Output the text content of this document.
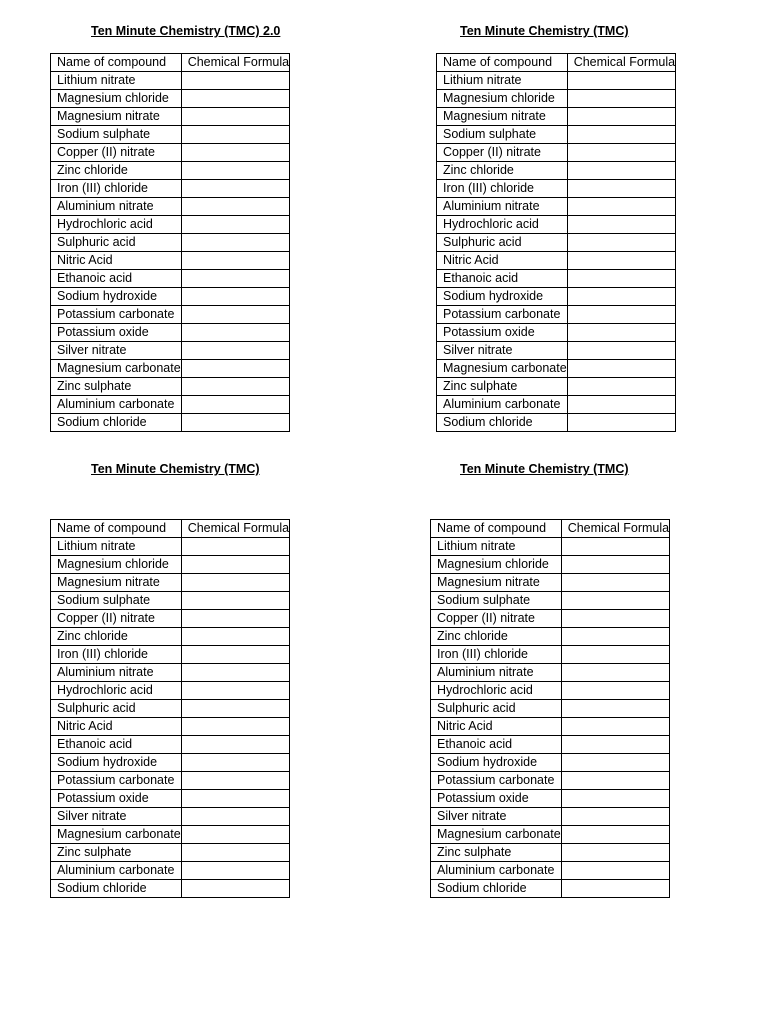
Ten Minute Chemistry (TMC) 2.0
Name of compound	Chemical Formula
Lithium nitrate	
Magnesium chloride	
Magnesium nitrate	
Sodium sulphate	
Copper (II) nitrate	
Zinc chloride	
Iron (III) chloride	
Aluminium nitrate	
Hydrochloric acid	
Sulphuric acid	
Nitric Acid	
Ethanoic acid	
Sodium hydroxide	
Potassium carbonate	
Potassium oxide	
Silver nitrate	
Magnesium carbonate	
Zinc sulphate	
Aluminium carbonate	
Sodium chloride	
Ten Minute Chemistry (TMC)
Name of compound	Chemical Formula
Lithium nitrate	
Magnesium chloride	
Magnesium nitrate	
Sodium sulphate	
Copper (II) nitrate	
Zinc chloride	
Iron (III) chloride	
Aluminium nitrate	
Hydrochloric acid	
Sulphuric acid	
Nitric Acid	
Ethanoic acid	
Sodium hydroxide	
Potassium carbonate	
Potassium oxide	
Silver nitrate	
Magnesium carbonate	
Zinc sulphate	
Aluminium carbonate	
Sodium chloride	
Ten Minute Chemistry (TMC)
Name of compound	Chemical Formula
Lithium nitrate	
Magnesium chloride	
Magnesium nitrate	
Sodium sulphate	
Copper (II) nitrate	
Zinc chloride	
Iron (III) chloride	
Aluminium nitrate	
Hydrochloric acid	
Sulphuric acid	
Nitric Acid	
Ethanoic acid	
Sodium hydroxide	
Potassium carbonate	
Potassium oxide	
Silver nitrate	
Magnesium carbonate	
Zinc sulphate	
Aluminium carbonate	
Sodium chloride	
Ten Minute Chemistry (TMC)
Name of compound	Chemical Formula
Lithium nitrate	
Magnesium chloride	
Magnesium nitrate	
Sodium sulphate	
Copper (II) nitrate	
Zinc chloride	
Iron (III) chloride	
Aluminium nitrate	
Hydrochloric acid	
Sulphuric acid	
Nitric Acid	
Ethanoic acid	
Sodium hydroxide	
Potassium carbonate	
Potassium oxide	
Silver nitrate	
Magnesium carbonate	
Zinc sulphate	
Aluminium carbonate	
Sodium chloride	
